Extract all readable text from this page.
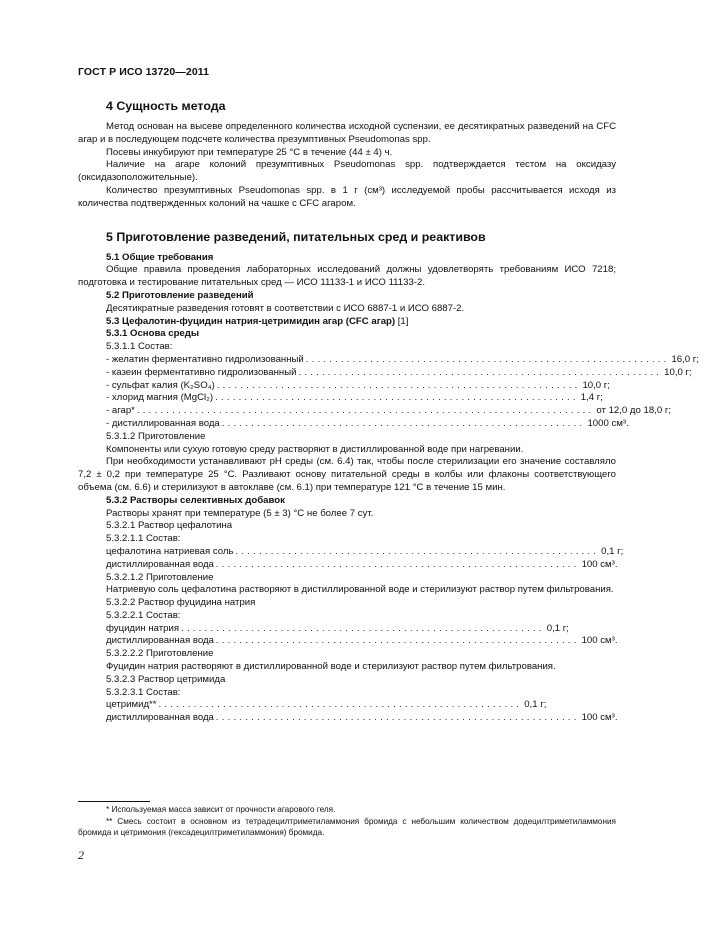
ГОСТ Р ИСО 13720—2011
4 Сущность метода
Метод основан на высеве определенного количества исходной суспензии, ее десятикратных разведений на CFC агар и в последующем подсчете количества презумптивных Pseudomonas spp.
Посевы инкубируют при температуре 25 °C в течение (44 ± 4) ч.
Наличие на агаре колоний презумптивных Pseudomonas spp. подтверждается тестом на оксидазу (оксидазоположительные).
Количество презумптивных Pseudomonas spp. в 1 г (см³) исследуемой пробы рассчитывается исходя из количества подтвержденных колоний на чашке с CFC агаром.
5 Приготовление разведений, питательных сред и реактивов
5.1 Общие требования
Общие правила проведения лабораторных исследований должны удовлетворять требованиям ИСО 7218; подготовка и тестирование питательных сред — ИСО 11133-1 и ИСО 11133-2.
5.2 Приготовление разведений
Десятикратные разведения готовят в соответствии с ИСО 6887-1 и ИСО 6887-2.
5.3 Цефалотин-фуцидин натрия-цетримидин агар (CFC агар) [1]
5.3.1 Основа среды
5.3.1.1 Состав:
- желатин ферментативно гидролизованный .............................................................. 16,0 г;
- казеин ферментативно гидролизованный .............................................................. 10,0 г;
- сульфат калия (K₂SO₄) .............................................................. 10,0 г;
- хлорид магния (MgCl₂) .............................................................. 1,4 г;
- агар* .............................................................................. от 12,0 до 18,0 г;
- дистиллированная вода .............................................................. 1000 см³.
5.3.1.2 Приготовление
Компоненты или сухую готовую среду растворяют в дистиллированной воде при нагревании.
При необходимости устанавливают pH среды (см. 6.4) так, чтобы после стерилизации его значение составляло 7,2 ± 0,2 при температуре 25 °С. Разливают основу питательной среды в колбы или флаконы соответствующего объема (см. 6.6) и стерилизуют в автоклаве (см. 6.1) при температуре 121 °С в течение 15 мин.
5.3.2 Растворы селективных добавок
Растворы хранят при температуре (5 ± 3) °С не более 7 сут.
5.3.2.1 Раствор цефалотина
5.3.2.1.1 Состав:
цефалотина натриевая соль .............................................................. 0,1 г;
дистиллированная вода .............................................................. 100 см³.
5.3.2.1.2 Приготовление
Натриевую соль цефалотина растворяют в дистиллированной воде и стерилизуют раствор путем фильтрования.
5.3.2.2 Раствор фуцидина натрия
5.3.2.2.1 Состав:
фуцидин натрия .............................................................. 0,1 г;
дистиллированная вода .............................................................. 100 см³.
5.3.2.2.2 Приготовление
Фуцидин натрия растворяют в дистиллированной воде и стерилизуют раствор путем фильтрования.
5.3.2.3 Раствор цетримида
5.3.2.3.1 Состав:
цетримид** .............................................................. 0,1 г;
дистиллированная вода .............................................................. 100 см³.
* Используемая масса зависит от прочности агарового геля.
** Смесь состоит в основном из тетрадецилтриметиламмония бромида с небольшим количеством додецилтриметиламмония бромида и цетримония (гексадецилтриметиламмония) бромида.
2
